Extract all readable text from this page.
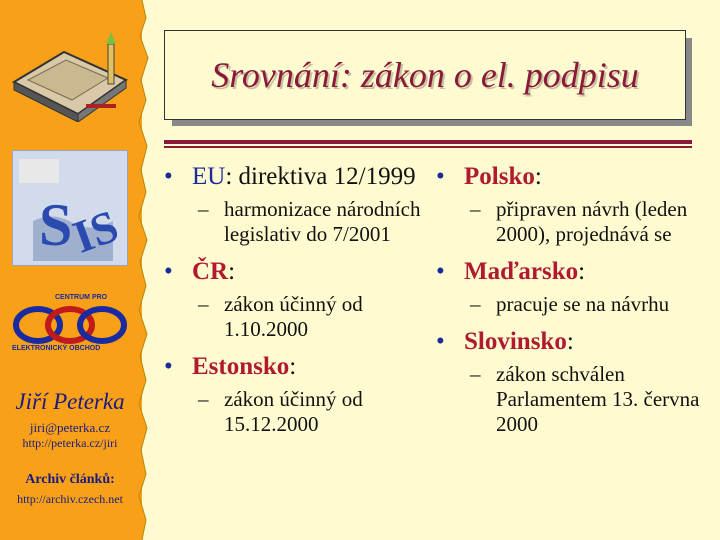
S
IS
CENTRUM PRO
ELEKTRONICKÝ OBCHOD
Jiří Peterka
jiri@peterka.cz
http://peterka.cz/jiri
Archiv článků:
http://archiv.czech.net
Srovnání: zákon o el. podpisu
• EU: direktiva 12/1999
– harmonizace národních legislativ do 7/2001
• ČR:
– zákon účinný od 1.10.2000
• Estonsko:
– zákon účinný od 15.12.2000
• Polsko:
– připraven návrh (leden 2000), projednává se
• Maďarsko:
– pracuje se na návrhu
• Slovinsko:
– zákon schválen Parlamentem 13. června 2000
